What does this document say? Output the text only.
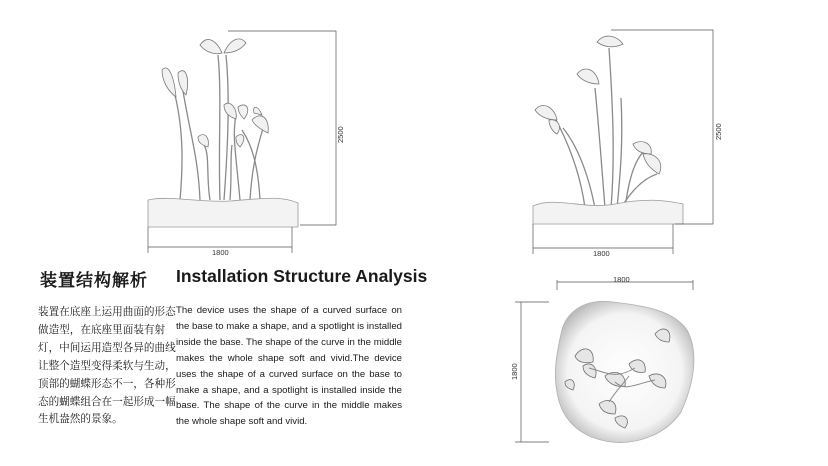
1800
2500
1800
2500
1800
1800
装置结构解析 Installation Structure Analysis
装置在底座上运用曲面的形态做造型，在底座里面装有射灯，中间运用造型各异的曲线让整个造型变得柔软与生动，顶部的蝴蝶形态不一，各种形态的蝴蝶组合在一起形成一幅生机盎然的景象。
The device uses the shape of a curved surface on the base to make a shape, and a spotlight is installed inside the base. The shape of the curve in the middle makes the whole shape soft and vivid.The device uses the shape of a curved surface on the base to make a shape, and a spotlight is installed inside the base. The shape of the curve in the middle makes the whole shape soft and vivid.
